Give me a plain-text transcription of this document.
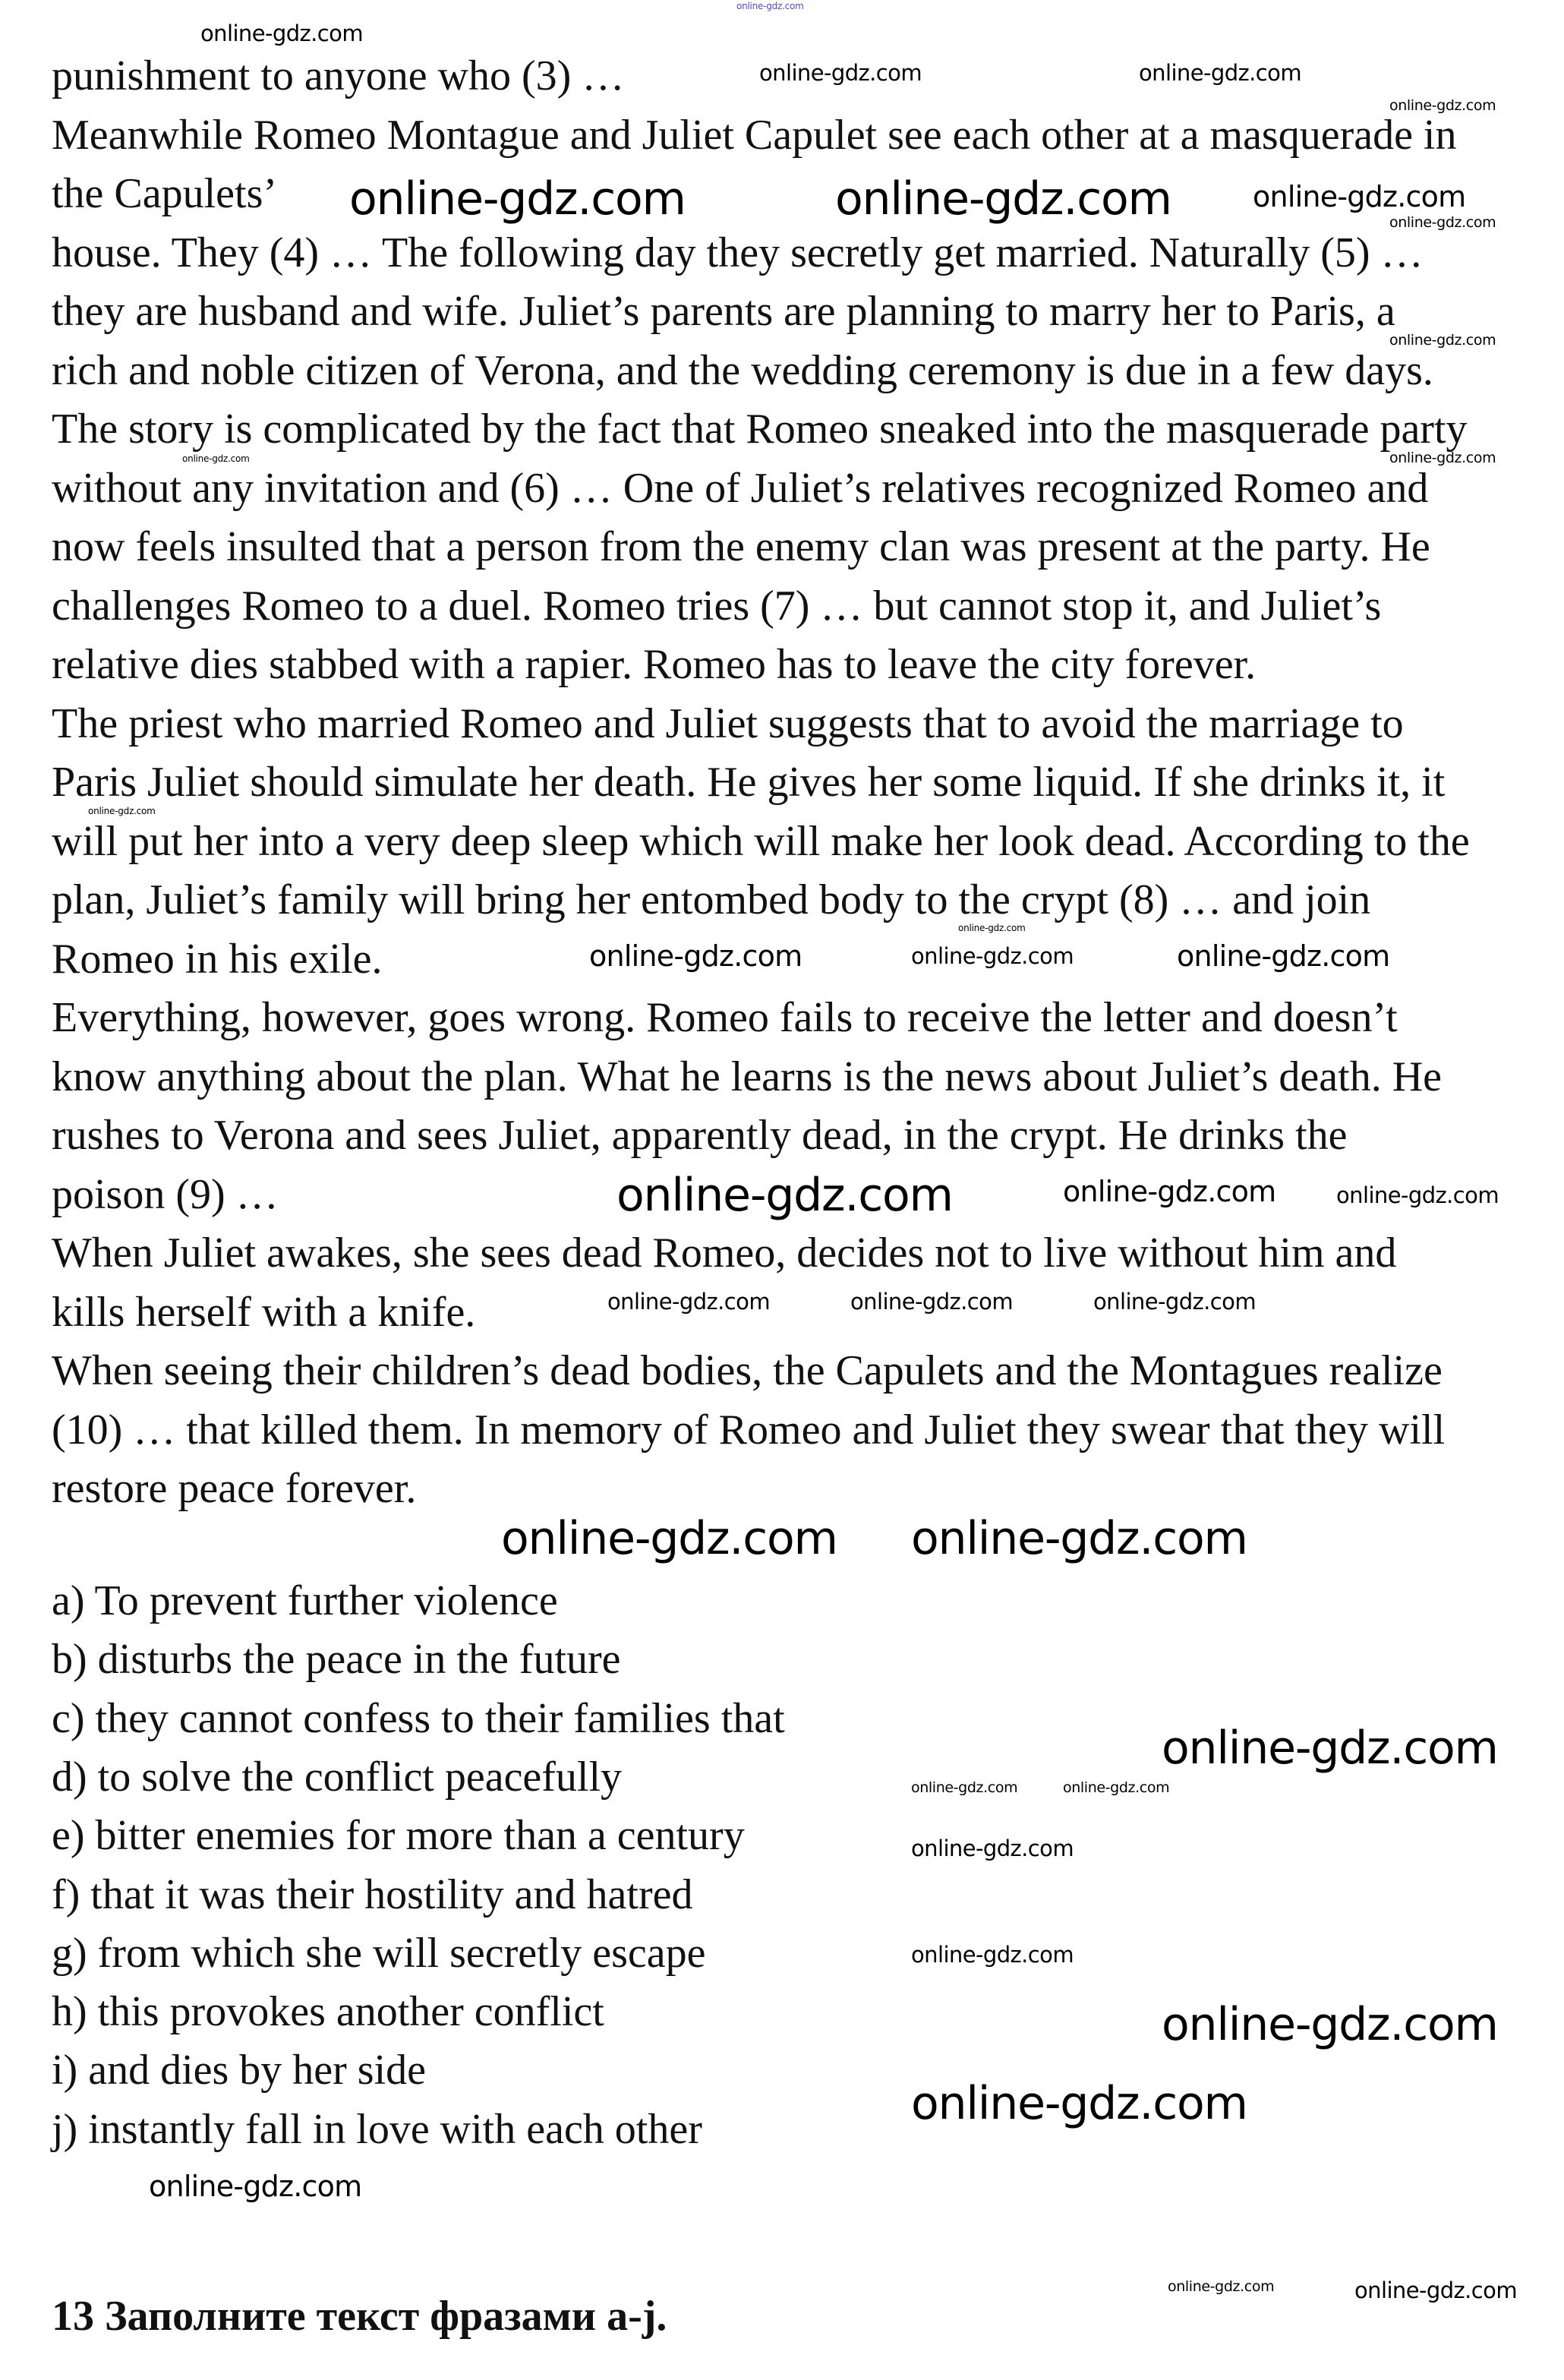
punishment to anyone who (3) …
Meanwhile Romeo Montague and Juliet Capulet see each other at a masquerade in
the Capulets’
house. They (4) … The following day they secretly get married. Naturally (5) …
they are husband and wife. Juliet’s parents are planning to marry her to Paris, a
rich and noble citizen of Verona, and the wedding ceremony is due in a few days.
The story is complicated by the fact that Romeo sneaked into the masquerade party
without any invitation and (6) … One of Juliet’s relatives recognized Romeo and
now feels insulted that a person from the enemy clan was present at the party. He
challenges Romeo to a duel. Romeo tries (7) … but cannot stop it, and Juliet’s
relative dies stabbed with a rapier. Romeo has to leave the city forever.
The priest who married Romeo and Juliet suggests that to avoid the marriage to
Paris Juliet should simulate her death. He gives her some liquid. If she drinks it, it
will put her into a very deep sleep which will make her look dead. According to the
plan, Juliet’s family will bring her entombed body to the crypt (8) … and join
Romeo in his exile.
Everything, however, goes wrong. Romeo fails to receive the letter and doesn’t
know anything about the plan. What he learns is the news about Juliet’s death. He
rushes to Verona and sees Juliet, apparently dead, in the crypt. He drinks the
poison (9) …
When Juliet awakes, she sees dead Romeo, decides not to live without him and
kills herself with a knife.
When seeing their children’s dead bodies, the Capulets and the Montagues realize
(10) … that killed them. In memory of Romeo and Juliet they swear that they will
restore peace forever.
a) To prevent further violence
b) disturbs the peace in the future
c) they cannot confess to their families that
d) to solve the conflict peacefully
e) bitter enemies for more than a century
f) that it was their hostility and hatred
g) from which she will secretly escape
h) this provokes another conflict
i) and dies by her side
j) instantly fall in love with each other
13 Заполните текст фразами a-j.
online-gdz.com
online-gdz.com
online-gdz.com	online-gdz.com	online-gdz.com
online-gdz.com
online-gdz.com
online-gdz.com
online-gdz.com	online-gdz.com
online-gdz.com
online-gdz.com
online-gdz.com	online-gdz.com	online-gdz.com
online-gdz.com
online-gdz.com
online-gdz.com
online-gdz.com
online-gdz.com
online-gdz.com	online-gdz.com
online-gdz.com
online-gdz.com
online-gdz.com
online-gdz.com
online-gdz.com	online-gdz.com
online-gdz.com
online-gdz.com
online-gdz.com
online-gdz.com
online-gdz.com
online-gdz.com	online-gdz.com
